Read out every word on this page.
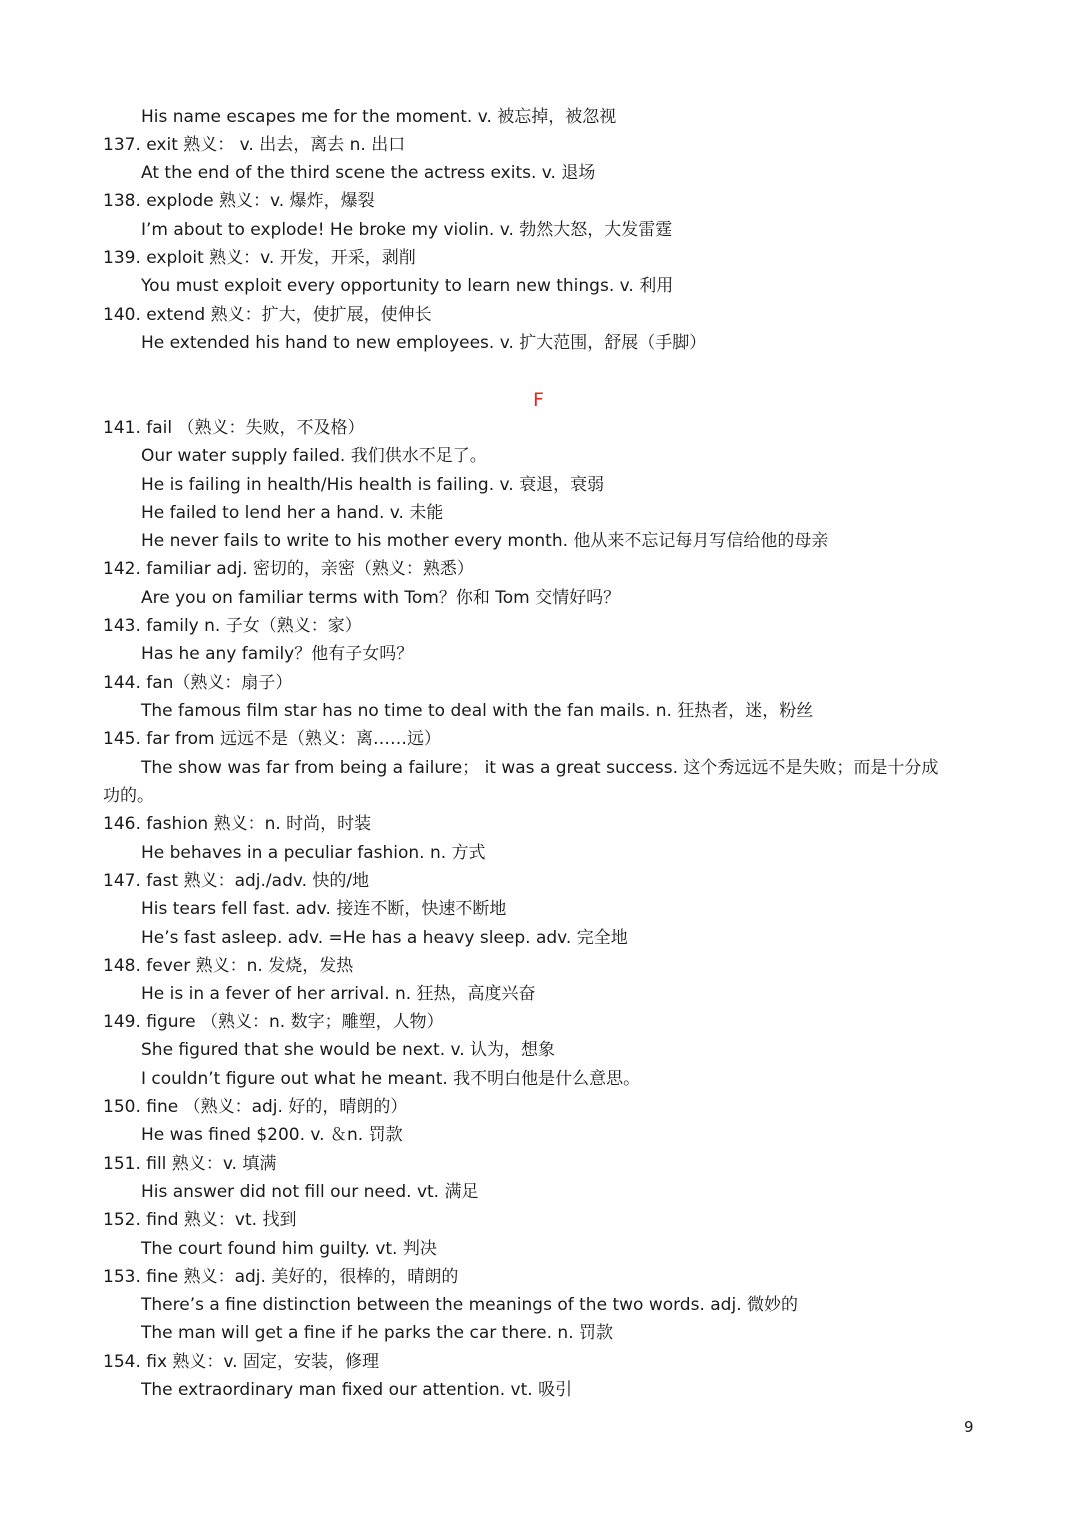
His name escapes me for the moment. v. 被忘掉，被忽视
137. exit 熟义： v. 出去，离去 n. 出口
At the end of the third scene the actress exits. v. 退场
138. explode 熟义：v. 爆炸，爆裂
I’m about to explode! He broke my violin. v. 勃然大怒，大发雷霆
139. exploit 熟义：v. 开发，开采，剥削
You must exploit every opportunity to learn new things. v. 利用
140. extend 熟义：扩大，使扩展，使伸长
He extended his hand to new employees. v. 扩大范围，舒展（手脚）
141. fail （熟义：失败，不及格）
Our water supply failed. 我们供水不足了。
He is failing in health/His health is failing. v. 衰退，衰弱
He failed to lend her a hand. v. 未能
He never fails to write to his mother every month. 他从来不忘记每月写信给他的母亲
142. familiar adj. 密切的，亲密（熟义：熟悉）
Are you on familiar terms with Tom？你和 Tom 交情好吗？
143. family n. 子女（熟义：家）
Has he any family？他有子女吗？
144. fan（熟义：扇子）
The famous film star has no time to deal with the fan mails. n. 狂热者，迷，粉丝
145. far from 远远不是（熟义：离……远）
The show was far from being a failure； it was a great success. 这个秀远远不是失败；而是十分成
功的。
146. fashion 熟义：n. 时尚，时装
He behaves in a peculiar fashion. n. 方式
147. fast 熟义：adj./adv. 快的/地
His tears fell fast. adv. 接连不断，快速不断地
He’s fast asleep. adv. =He has a heavy sleep. adv. 完全地
148. fever 熟义：n. 发烧，发热
He is in a fever of her arrival. n. 狂热，高度兴奋
149. figure （熟义：n. 数字；雕塑，人物）
She figured that she would be next. v. 认为，想象
I couldn’t figure out what he meant. 我不明白他是什么意思。
150. fine （熟义：adj. 好的，晴朗的）
He was fined $200. v. ＆n. 罚款
151. fill 熟义：v. 填满
His answer did not fill our need. vt. 满足
152. find 熟义：vt. 找到
The court found him guilty. vt. 判决
153. fine 熟义：adj. 美好的，很棒的，晴朗的
There’s a fine distinction between the meanings of the two words. adj. 微妙的
The man will get a fine if he parks the car there. n. 罚款
154. fix 熟义：v. 固定，安装，修理
The extraordinary man fixed our attention. vt. 吸引
F
9
